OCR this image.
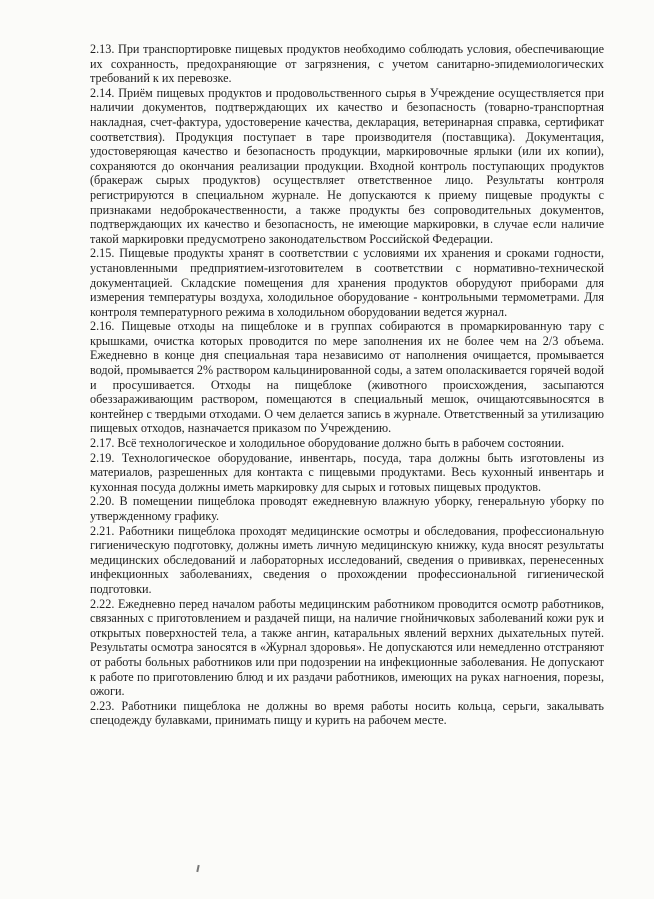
2.13. При транспортировке пищевых продуктов необходимо соблюдать условия, обеспечивающие их сохранность, предохраняющие от загрязнения, с учетом санитарно-эпидемиологических требований к их перевозке.

2.14. Приём пищевых продуктов и продовольственного сырья в Учреждение осуществляется при наличии документов, подтверждающих их качество и безопасность (товарно-транспортная накладная, счет-фактура, удостоверение качества, декларация, ветеринарная справка, сертификат соответствия). Продукция поступает в таре производителя (поставщика). Документация, удостоверяющая качество и безопасность продукции, маркировочные ярлыки (или их копии), сохраняются до окончания реализации продукции. Входной контроль поступающих продуктов (бракераж сырых продуктов) осуществляет ответственное лицо. Результаты контроля регистрируются в специальном журнале. Не допускаются к приему пищевые продукты с признаками недоброкачественности, а также продукты без сопроводительных документов, подтверждающих их качество и безопасность, не имеющие маркировки, в случае если наличие такой маркировки предусмотрено законодательством Российской Федерации.

2.15. Пищевые продукты хранят в соответствии с условиями их хранения и сроками годности, установленными предприятием-изготовителем в соответствии с нормативно-технической документацией. Складские помещения для хранения продуктов оборудуют приборами для измерения температуры воздуха, холодильное оборудование - контрольными термометрами. Для контроля температурного режима в холодильном оборудовании ведется журнал.

2.16. Пищевые отходы на пищеблоке и в группах собираются в промаркированную тару с крышками, очистка которых проводится по мере заполнения их не более чем на 2/3 объема. Ежедневно в конце дня специальная тара независимо от наполнения очищается, промывается водой, промывается 2% раствором кальцинированной соды, а затем ополаскивается горячей водой и просушивается. Отходы на пищеблоке (животного происхождения, засыпаются обеззараживающим раствором, помещаются в специальный мешок, очищаютсявыносятся в контейнер с твердыми отходами. О чем делается запись в журнале. Ответственный за утилизацию пищевых отходов, назначается приказом по Учреждению.

2.17. Всё технологическое и холодильное оборудование должно быть в рабочем состоянии.

2.19. Технологическое оборудование, инвентарь, посуда, тара должны быть изготовлены из материалов, разрешенных для контакта с пищевыми продуктами. Весь кухонный инвентарь и кухонная посуда должны иметь маркировку для сырых и готовых пищевых продуктов.

2.20. В помещении пищеблока проводят ежедневную влажную уборку, генеральную уборку по утвержденному графику.

2.21. Работники пищеблока проходят медицинские осмотры и обследования, профессиональную гигиеническую подготовку, должны иметь личную медицинскую книжку, куда вносят результаты медицинских обследований и лабораторных исследований, сведения о прививках, перенесенных инфекционных заболеваниях, сведения о прохождении профессиональной гигиенической подготовки.

2.22. Ежедневно перед началом работы медицинским работником проводится осмотр работников, связанных с приготовлением и раздачей пищи, на наличие гнойничковых заболеваний кожи рук и открытых поверхностей тела, а также ангин, катаральных явлений верхних дыхательных путей. Результаты осмотра заносятся в «Журнал здоровья». Не допускаются или немедленно отстраняют от работы больных работников или при подозрении на инфекционные заболевания. Не допускают к работе по приготовлению блюд и их раздачи работников, имеющих на руках нагноения, порезы, ожоги.

2.23. Работники пищеблока не должны во время работы носить кольца, серьги, закалывать спецодежду булавками, принимать пищу и курить на рабочем месте.
